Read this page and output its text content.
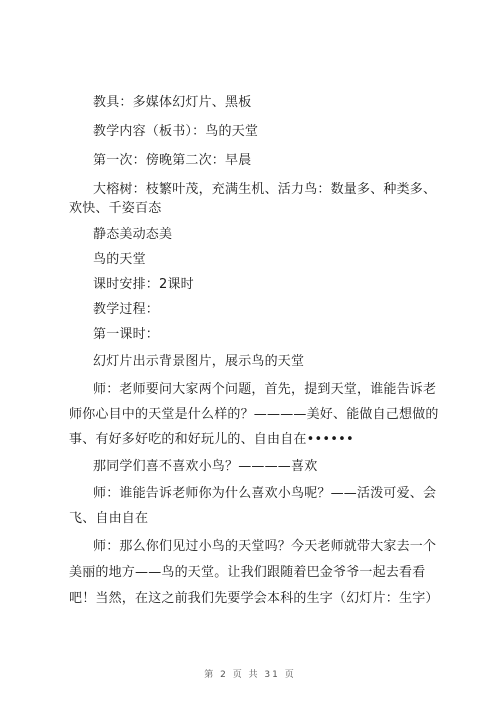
教具：多媒体幻灯片、黑板
教学内容（板书）：鸟的天堂
第一次：傍晚第二次：早晨
大榕树：枝繁叶茂，充满生机、活力鸟：数量多、种类多、
欢快、千姿百态
静态美动态美
鸟的天堂
课时安排：2课时
教学过程：
第一课时：
幻灯片出示背景图片，展示鸟的天堂
师：老师要问大家两个问题，首先，提到天堂，谁能告诉老
师你心目中的天堂是什么样的？————美好、能做自己想做的
事、有好多好吃的和好玩儿的、自由自在••••••
那同学们喜不喜欢小鸟？————喜欢
师：谁能告诉老师你为什么喜欢小鸟呢？——活泼可爱、会
飞、自由自在
师：那么你们见过小鸟的天堂吗？今天老师就带大家去一个
美丽的地方——鸟的天堂。让我们跟随着巴金爷爷一起去看看
吧！当然，在这之前我们先要学会本科的生字（幻灯片：生字）
第 2 页 共 31 页
